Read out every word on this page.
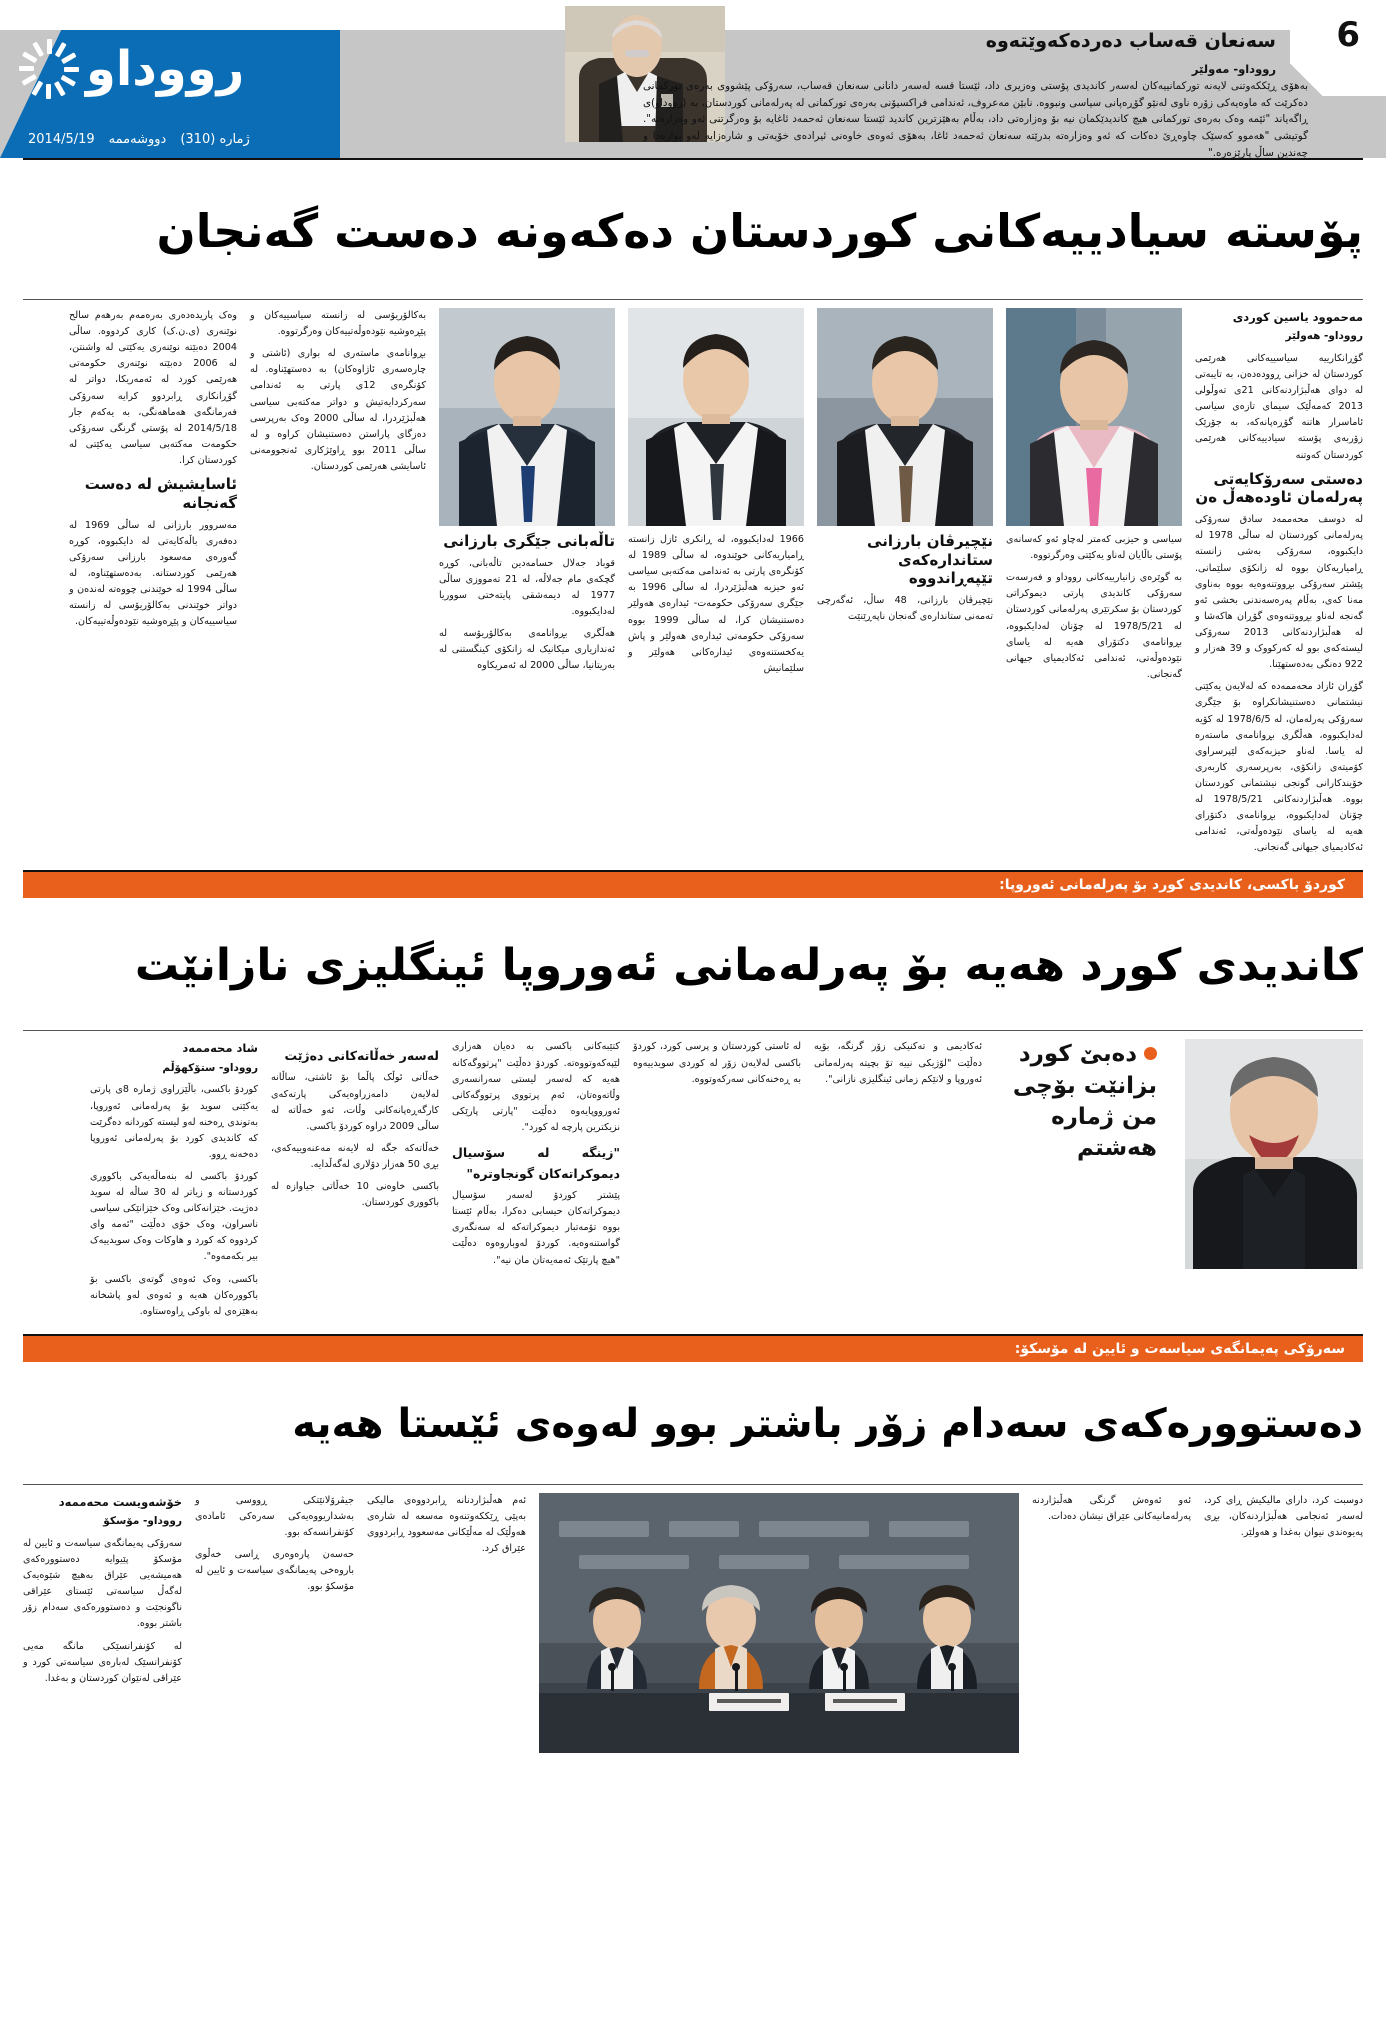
6
سەنعان قەساب دەردەکەوێتەوە
رووداو- مەولێر
بەهۆی ڕێککەوتنی لایەنە تورکمانییەکان لەسەر کاندیدی پۆستی وەزیری داد، ئێستا قسە لەسەر دانانی سەنعان قەساب، سەرۆکی پێشووی بەرەی تورکمانی دەکرێت کە ماوەیەکی زۆرە ناوی لەنێو گۆڕەپانی سیاسی ونبووە. نابێن مەعروف، ئەندامی فراکسیۆنی بەرەی تورکمانی لە پەرلەمانی کوردستان، بە (رووداو)ی ڕاگەیاند "ئێمە وەک بەرەی تورکمانی هیچ کاندیدێکمان نیە بۆ وەزارەتی داد، بەڵام بەهێزترین کاندید ئێستا سەنعان ئەحمەد ئاغایە بۆ وەرگرتنی ئەو وەزارەتە". گوتیشی "هەموو کەسێک چاوەڕێ دەکات کە ئەو وەزارەتە بدرێتە سەنعان ئەحمەد ئاغا، بەهۆی ئەوەی خاوەنی ئیرادەی خۆیەتی و شارەزایە لەو بوارەدا و چەندین ساڵ پارێزەرە."
رووداو
ژماره (310)
دووشەممە
2014/5/19
پۆستە سیادییەکانی کوردستان دەکەونە دەست گەنجان
مەحموود یاسین کوردی
رووداو- هەولێر

گۆڕانکارییە سیاسییەکانی هەرێمی کوردستان لە خزانی ڕوودەدەن، بە تایبەتی لە دوای هەڵبژاردنەکانی 21ی تەوڵولی 2013 کەمەڵێک سیمای تازەی سیاسی ئاماسرار هاتنە گۆڕەپانەکە، بە جۆرێک زۆربەی پۆستە سیادییەکانی هەرێمی کوردستان کەوتنە

دەستی سەرۆکایەتی پەرلەمان ئاودەهەڵ ەن

لە دوسف محەممەد سادق سەرۆکی پەرلەمانی کوردستان لە ساڵی 1978 لە دایکبووە، سەرۆکی بەشی زانستە ڕامیاریەکان بووە لە زانکۆی سلێمانی. پێشتر سەرۆکی بڕووتنەوەیە بووە بەناوی مەنا کەی، بەڵام پەرەسەندنی بخشی ئەو گەنجە لەناو بڕووتنەوەی گۆڕان هاکەشا و لە هەڵبژاردنەکانی 2013 سەرۆکی لیستەکەی بوو لە کەرکووک و 39 هەزار و 922 دەنگی بەدەستهێنا.

گۆڕان ئازاد محەممەدە کە لەلایەن یەکێتی نیشتمانی دەستنیشانکراوە بۆ جێگری سەرۆکی پەرلەمان، لە 1978/6/5 لە کۆیە لەدایکبووە، هەڵگری بڕوانامەی ماستەرە لە یاسا. لەناو حیزبەکەی لێپرسراوی کۆمیتەی زانکۆی، بەرپرسەری کاربەری خۆیندکارانی گونجی نیشتمانی کوردستان بووە. هەڵبژاردنەکانی 1978/5/21 لە چۆنان لەدایکبووە، بڕوانامەی دکتۆرای هەیە لە یاسای نێودەوڵەتی، ئەندامی ئەکادیمیای جیهانی گەنجانی.

سیاسی و حیزبی کەمتر لەچاو ئەو کەسانەی پۆستی باڵایان لەناو یەکێتی وەرگرتووە.

بە گوێرەی زانیارییەکانی رووداو و فەرسەت سەرۆکی کاندیدی پارتی دیموکراتی کوردستان بۆ سکرتێری پەرلەمانی کوردستان لە 1978/5/21 لە چۆنان لەدایکبووە، بڕوانامەی دکتۆرای هەیە لە یاسای نێودەوڵەتی، ئەندامی ئەکادیمیای جیهانی گەنجانی.

نێچیرڤان بارزانی ستاندارەکەی تێپەڕاندووە

نێچیرڤان بارزانی، 48 ساڵ، ئەگەرچی تەمەنی ستاندارەی گەنجان ناپەڕێنێت

1966 لەدایکبووە، لە ڕانکری ئازل زانستە ڕامیاریەکانی خوێندوە، لە ساڵی 1989 لە کۆنگرەی پارتی بە ئەندامی مەکتەبی سیاسی ئەو حیزبە هەڵبژێردرا، لە ساڵی 1996 بە جێگری سەرۆکی حکومەت- ئیدارەی هەولێر دەستنیشان کرا، لە ساڵی 1999 بووە سەرۆکی حکومەتی ئیدارەی هەولێر و پاش یەکخستنەوەی ئیدارەکانی هەولێر و سلێمانیش

تاڵەبانی جێگری بارزانی

قوباد جەلال حسامەدین تاڵەبانی، کوڕە گچکەی مام جەلاڵە، لە 21 تەمووزی ساڵی 1977 لە دیمەشقی پایتەختی سووریا لەدایکبووە.

هەڵگری بڕوانامەی بەکالۆریۆسە لە ئەندازیاری میکانیک لە زانکۆی کینگستنی لە بەریتانیا، ساڵی 2000 لە ئەمریکاوە

بەکالۆریۆسی لە زانستە سیاسییەکان و پێڕەوشیە نێودەوڵەتییەکان وەرگرتووە.

بڕوانامەی ماستەری لە بواری (ئاشتی و چارەسەری ئاژاوەکان) بە دەستهێناوە. لە کۆنگرەی 12ی پارتی بە ئەندامی سەرکردایەتیش و دواتر مەکتەبی سیاسی هەڵبژێردرا، لە ساڵی 2000 وەک بەرپرسی دەزگای پاراستن دەستنیشان کراوە و لە ساڵی 2011 بوو ڕاوێژکاری ئەنجوومەنی ئاسایشی هەرێمی کوردستان.

وەک پاریدەدەری بەرەمەم بەرهەم سالح نوێنەری (ی.ن.ک) کاری کردووە. ساڵی 2004 دەبێتە نوێنەری یەکێتی لە واشنتن، لە 2006 دەبێتە نوێنەری حکومەتی هەرێمی کورد لە ئەمەریکا، دواتر لە گۆڕانکاری ڕابردوو کرایە سەرۆکی فەرمانگەی هەماهەنگی، بە یەکەم جار 2014/5/18 لە پۆستی گرنگی سەرۆکی حکومەت مەکتەبی سیاسی یەکێتی لە کوردستان کرا.

ئاسایشیش لە دەست گەنجانە

مەسروور بارزانی لە ساڵی 1969 لە دەفەری باڵەکایەتی لە دایکبووە، کوڕە گەورەی مەسعود بارزانی سەرۆکی هەرێمی کوردستانە. بەدەستهێناوە، لە ساڵی 1994 لە خوێندنی چووەتە لەندەن و دواتر خوێندنی بەکالۆریۆسی لە زانستە سیاسییەکان و پێڕەوشیە نێودەوڵەتییەکان.

کوردۆ باکسی، کاندیدی کورد بۆ پەرلەمانی ئەوروپا:
کاندیدی کورد هەیە بۆ پەرلەمانی ئەوروپا ئینگلیزی نازانێت
دەبێ کورد بزانێت بۆچی من ژمارە هەشتم

ئەکادیمی و تەکنیکی زۆر گرنگە، بۆیە دەڵێت "لۆژیکی نییە تۆ بچیتە پەرلەمانی ئەوروپا و لانێکم زمانی ئینگلیزی نازانی".

لە ئاستی کوردستان و پرسی کورد، کوردۆ باکسی لەلایەن زۆر لە کوردی سویدییەوە بە ڕەخنەکانی سەرکەوتووە.

کتێبەکانی باکسی بە دەیان هەزاری لێپەکەوتووەتە. کوردۆ دەڵێت "پرتووگەکانە هەیە کە لەسەر لیستی سەرانسەری وڵاتەوەتان، ئەم پرتووی پرتووگەکانی ئەورووپایەوە دەڵێت "پارتی پارێکی نزیکترین پارچە لە کورد".

"زینگە لە سۆسیال دیموکراتەکان گونجاوترە"

پێشتر کوردۆ لەسەر سۆسیال دیموکراتەکان حیسابی دەکرا، بەڵام ئێستا بووە تۆمەتبار دیموکراتەکە لە سەنگەری گواستنەوەیە. کوردۆ لەوباروەوە دەڵێت "هیچ پارتێک ئەمەیەتان مان نیە".

لەسەر خەڵاتەکانی دەژێت

خەڵاتی ئوڵک پاڵما بۆ ئاشتی، ساڵانە لەلایەن دامەزراوەیەکی پارتەکەی کارگەڕەپانەکانی وڵات، ئەو خەڵاتە لە ساڵی 2009 دراوە کوردۆ باکسی.

خەڵاتەکە جگە لە لایەنە مەعنەوییەکەی، بڕی 50 هەزار دۆلاری لەگەڵدایە.

باکسی خاوەنی 10 خەڵاتی جیاوازە لە باکووری کوردستان.

شاد محەممەد
رووداو- ستۆکهۆڵم

کوردۆ باکسی، باڵێزراوی ژمارە 8ی پارتی یەکێتی سوید بۆ پەرلەمانی ئەوروپا، بەتوندی ڕەخنە لەو لیستە کوردانە دەگرێت کە کاندیدی کورد بۆ پەرلەمانی ئەوروپا دەخەنە ڕوو.

کوردۆ باکسی لە بنەماڵەیەکی باکووری کوردستانە و زیاتر لە 30 ساڵە لە سوید دەژیت. خێزانەکانی وەک خێزانێکی سیاسی ناسراون، وەک خۆی دەڵێت "ئەمە وای کردووە کە کورد و هاوکات وەک سویدییەک بیر بکەمەوە".

باکسی، وەک ئەوەی گوتەی باکسی بۆ باکوورەکان هەیە و ئەوەی لەو پاشخانە بەهێزەی لە باوکی ڕاوەستاوە.

سەرۆکی پەیمانگەی سیاسەت و ئایین لە مۆسکۆ:
دەستوورەکەی سەدام زۆر باشتر بوو لەوەی ئێستا هەیە

دوسبت کرد، دارای مالیکیش ڕای کرد، لەسەر ئەنجامی هەڵبژاردنەکان، بڕی پەیوەندی نیوان بەغدا و هەولێر.

ئەو ئەوەش گرنگی هەڵبژاردنە پەرلەمانیەکانی عێراق نیشان دەدات.

ئەم هەڵبژاردنانە ڕابردووەی مالیکی بەپێی ڕێککەوتنەوە مەسعە لە شارەی هەوڵێک لە مەڵێکانی مەسعوود ڕابردووی عێراق کرد.

جیڤرۆلانێتکی ڕووسی و بەشداریووەیەکی سەرەکی ئامادەی کۆنفرانسەکە بوو.

حەسەن پارەوەری ڕاسی خەڵوی باروەخی پەیمانگەی سیاسەت و ئایین لە مۆسکۆ بوو.

خۆشەویست محەممەد
رووداو- مۆسکۆ

سەرۆکی پەیمانگەی سیاسەت و ئایین لە مۆسکۆ پێیوایە دەستوورەکەی هەمیشەیی عێراق بەهیچ شێوەیەک لەگەڵ سیاسەتی ئێستای عێراقی ناگونجێت و دەستوورەکەی سەدام زۆر باشتر بووە.

لە کۆنفرانسێکی مانگە مەیی کۆنفرانسێک لەبارەی سیاسەتی کورد و عێراقی لەنێوان کوردستان و بەغدا.
